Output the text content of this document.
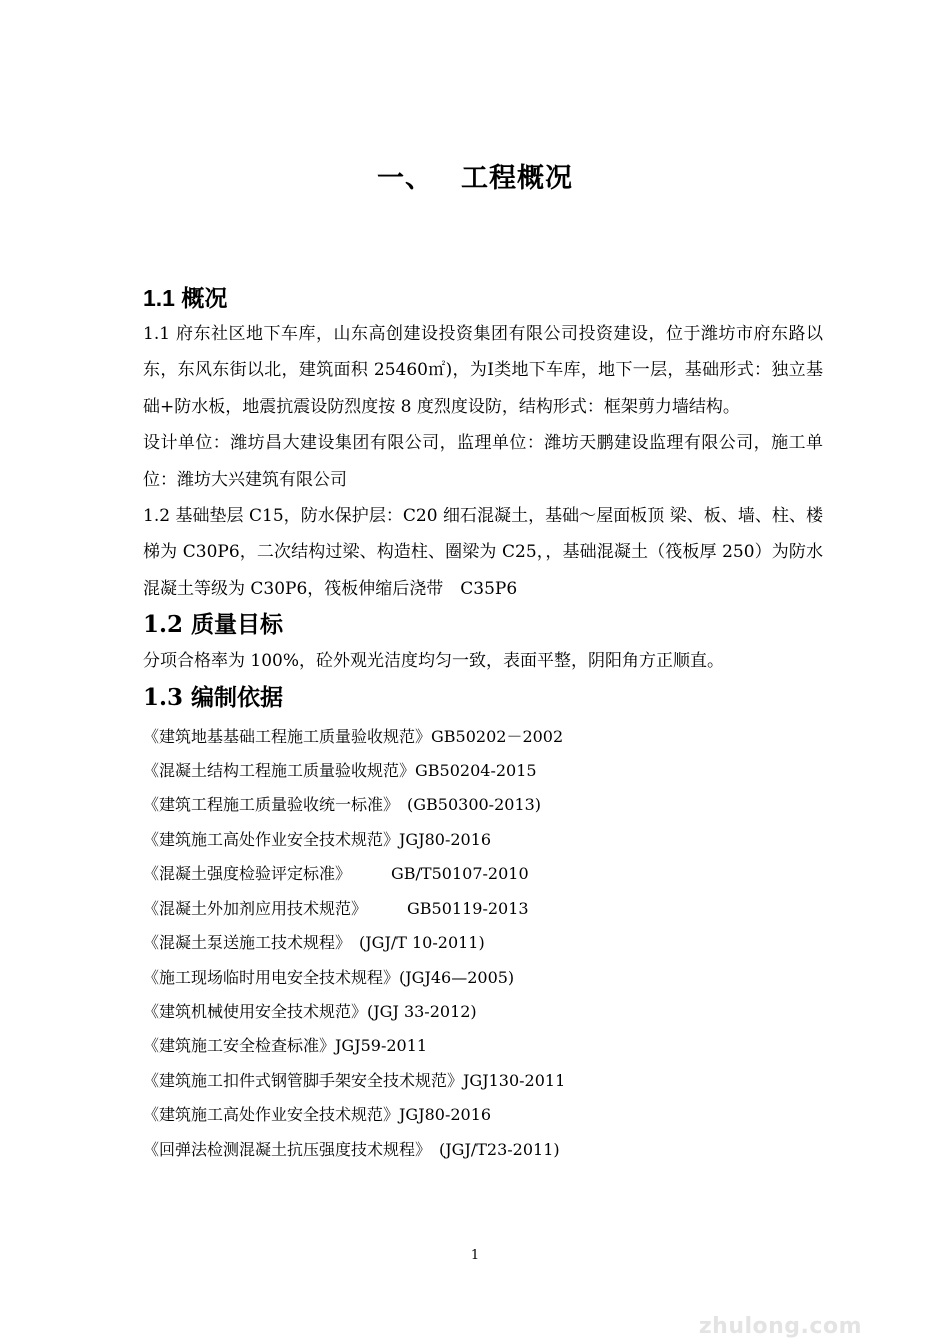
一、 工程概况
1.1 概况

1.1 府东社区地下车库，山东高创建设投资集团有限公司投资建设，位于潍坊市府东路以东，东风东街以北，建筑面积 25460㎡)，为Ⅰ类地下车库，地下一层，基础形式：独立基础+防水板，地震抗震设防烈度按 8 度烈度设防，结构形式：框架剪力墙结构。

设计单位：潍坊昌大建设集团有限公司，监理单位：潍坊天鹏建设监理有限公司，施工单位：潍坊大兴建筑有限公司

1.2 基础垫层 C15，防水保护层：C20 细石混凝土，基础～屋面板顶 梁、板、墙、柱、楼梯为 C30P6，二次结构过梁、构造柱、圈梁为 C25，，基础混凝土（筏板厚 250）为防水混凝土等级为 C30P6，筏板伸缩后浇带　C35P6

1.2 质量目标

分项合格率为 100%，砼外观光洁度均匀一致，表面平整，阴阳角方正顺直。

1.3 编制依据
《建筑地基基础工程施工质量验收规范》GB50202－2002
《混凝土结构工程施工质量验收规范》GB50204-2015
《建筑工程施工质量验收统一标准》　(GB50300-2013)
《建筑施工高处作业安全技术规范》JGJ80-2016
《混凝土强度检验评定标准》　　　GB/T50107-2010
《混凝土外加剂应用技术规范》　　　GB50119-2013
《混凝土泵送施工技术规程》　(JGJ/T 10-2011)
《施工现场临时用电安全技术规程》(JGJ46—2005)
《建筑机械使用安全技术规范》(JGJ 33-2012)
《建筑施工安全检查标准》JGJ59-2011
《建筑施工扣件式钢管脚手架安全技术规范》JGJ130-2011
《建筑施工高处作业安全技术规范》JGJ80-2016
《回弹法检测混凝土抗压强度技术规程》　(JGJ/T23-2011)
1
zhulong.com
